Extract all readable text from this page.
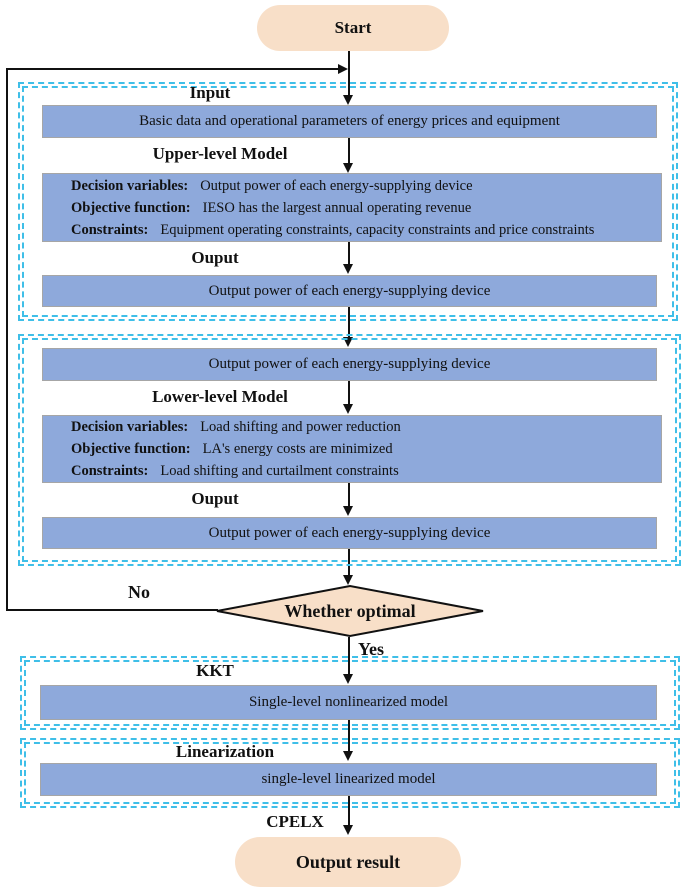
Start
Input
Basic data and operational parameters of energy prices and equipment
Upper-level Model
Decision variables: Output power of each energy-supplying device
Objective function: IESO has the largest annual operating revenue
Constraints: Equipment operating constraints, capacity constraints and price constraints
Ouput
Output power of each energy-supplying device
Output power of each energy-supplying device
Lower-level Model
Decision variables: Load shifting and power reduction
Objective function: LA's energy costs are minimized
Constraints: Load shifting and curtailment constraints
Ouput
Output power of each energy-supplying device
Whether optimal
No
Yes
KKT
Single-level nonlinearized model
Linearization
single-level linearized model
CPELX
Output result
